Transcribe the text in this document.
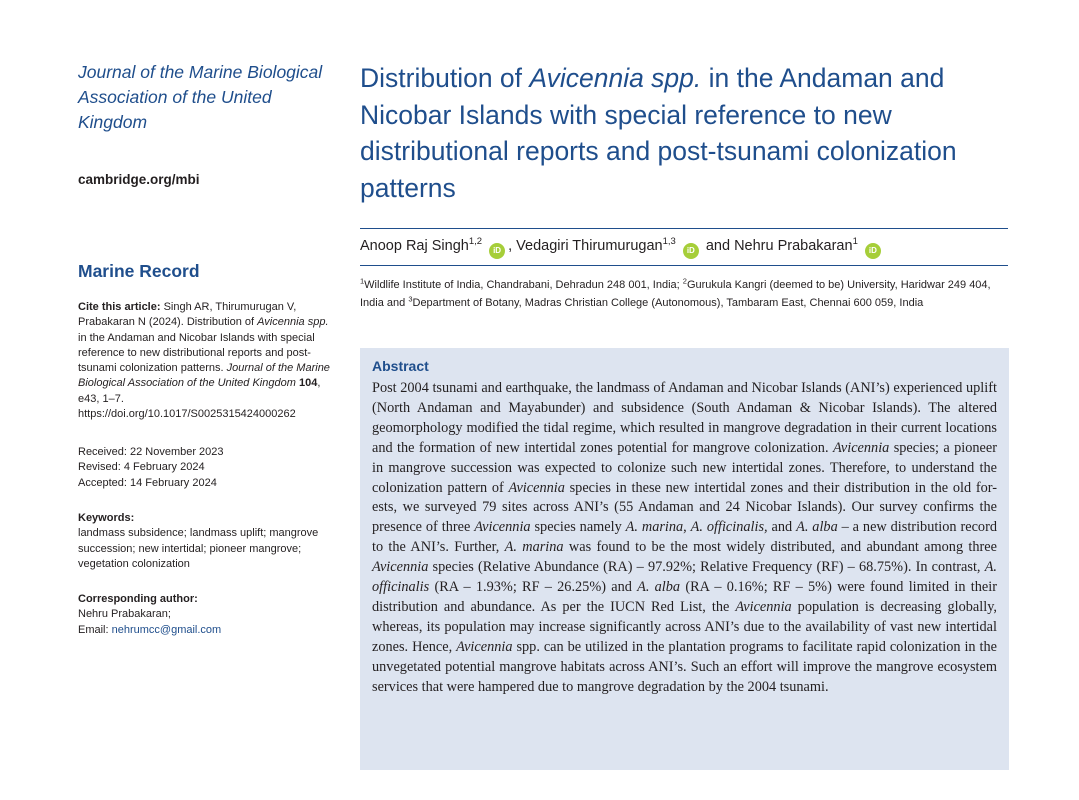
Journal of the Marine Biological Association of the United Kingdom
cambridge.org/mbi
Marine Record
Cite this article: Singh AR, Thirumurugan V, Prabakaran N (2024). Distribution of Avicennia spp. in the Andaman and Nicobar Islands with special reference to new distributional reports and post-tsunami colonization patterns. Journal of the Marine Biological Association of the United Kingdom 104, e43, 1–7. https://doi.org/10.1017/S0025315424000262
Received: 22 November 2023
Revised: 4 February 2024
Accepted: 14 February 2024
Keywords:
landmass subsidence; landmass uplift; mangrove succession; new intertidal; pioneer mangrove; vegetation colonization
Corresponding author:
Nehru Prabakaran;
Email: nehrumcc@gmail.com
Distribution of Avicennia spp. in the Andaman and Nicobar Islands with special reference to new distributional reports and post-tsunami colonization patterns
Anoop Raj Singh$^{1,2}$ iD , Vedagiri Thirumurugan$^{1,3}$ iD and Nehru Prabakaran$^1$ iD
$^1$Wildlife Institute of India, Chandrabani, Dehradun 248 001, India; $^2$Gurukula Kangri (deemed to be) University, Haridwar 249 404, India and $^3$Department of Botany, Madras Christian College (Autonomous), Tambaram East, Chennai 600 059, India
Abstract
Post 2004 tsunami and earthquake, the landmass of Andaman and Nicobar Islands (ANI’s) experienced uplift (North Andaman and Mayabunder) and subsidence (South Andaman & Nicobar Islands). The altered geomorphology modified the tidal regime, which resulted in mangrove degradation in their current locations and the formation of new intertidal zones potential for mangrove colonization. Avicennia species; a pioneer in mangrove succession was expected to colonize such new intertidal zones. Therefore, to understand the colonization pattern of Avicennia species in these new intertidal zones and their distribution in the old for-ests, we surveyed 79 sites across ANI’s (55 Andaman and 24 Nicobar Islands). Our survey confirms the presence of three Avicennia species namely A. marina, A. officinalis, and A. alba – a new distribution record to the ANI’s. Further, A. marina was found to be the most widely distributed, and abundant among three Avicennia species (Relative Abundance (RA) – 97.92%; Relative Frequency (RF) – 68.75%). In contrast, A. officinalis (RA – 1.93%; RF – 26.25%) and A. alba (RA – 0.16%; RF – 5%) were found limited in their distribution and abundance. As per the IUCN Red List, the Avicennia population is decreasing globally, whereas, its population may increase significantly across ANI’s due to the availability of vast new intertidal zones. Hence, Avicennia spp. can be utilized in the plantation programs to facilitate rapid colonization in the unvegetated potential mangrove habitats across ANI’s. Such an effort will improve the mangrove ecosystem services that were hampered due to mangrove degradation by the 2004 tsunami.
